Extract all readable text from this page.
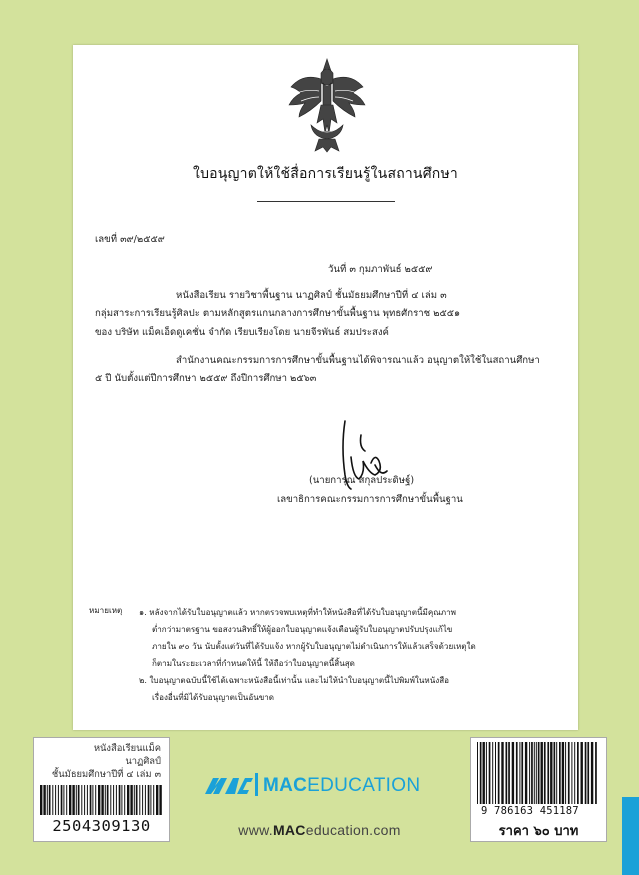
ใบอนุญาตให้ใช้สื่อการเรียนรู้ในสถานศึกษา
เลขที่ ๓๙/๒๕๕๙
วันที่ ๓ กุมภาพันธ์ ๒๕๕๙
หนังสือเรียน รายวิชาพื้นฐาน นาฏศิลป์ ชั้นมัธยมศึกษาปีที่ ๔ เล่ม ๓
กลุ่มสาระการเรียนรู้ศิลปะ ตามหลักสูตรแกนกลางการศึกษาขั้นพื้นฐาน พุทธศักราช ๒๕๕๑
ของ บริษัท แม็คเอ็ดดูเคชั่น จำกัด เรียบเรียงโดย นายจีรพันธ์ สมประสงค์
สำนักงานคณะกรรมการการศึกษาขั้นพื้นฐานได้พิจารณาแล้ว อนุญาตให้ใช้ในสถานศึกษา
๕ ปี นับตั้งแต่ปีการศึกษา ๒๕๕๙ ถึงปีการศึกษา ๒๕๖๓
(นายการุณ สกุลประดิษฐ์)
เลขาธิการคณะกรรมการการศึกษาขั้นพื้นฐาน
หมายเหตุ ๑. หลังจากได้รับใบอนุญาตแล้ว หากตรวจพบเหตุที่ทำให้หนังสือที่ได้รับใบอนุญาตนี้มีคุณภาพ
ต่ำกว่ามาตรฐาน ขอสงวนสิทธิ์ให้ผู้ออกใบอนุญาตแจ้งเตือนผู้รับใบอนุญาตปรับปรุงแก้ไข
ภายใน ๙๐ วัน นับตั้งแต่วันที่ได้รับแจ้ง หากผู้รับใบอนุญาตไม่ดำเนินการให้แล้วเสร็จด้วยเหตุใด
ก็ตามในระยะเวลาที่กำหนดให้นี้ ให้ถือว่าใบอนุญาตนี้สิ้นสุด
๒. ใบอนุญาตฉบับนี้ใช้ได้เฉพาะหนังสือนี้เท่านั้น และไม่ให้นำใบอนุญาตนี้ไปพิมพ์ในหนังสือ
เรื่องอื่นที่มิได้รับอนุญาตเป็นอันขาด
หนังสือเรียนแม็ค
นาฏศิลป์
ชั้นมัธยมศึกษาปีที่ ๔ เล่ม ๓
2504309130
MACEDUCATION
www.MACeducation.com
9 786163 451187
ราคา ๖๐ บาท
